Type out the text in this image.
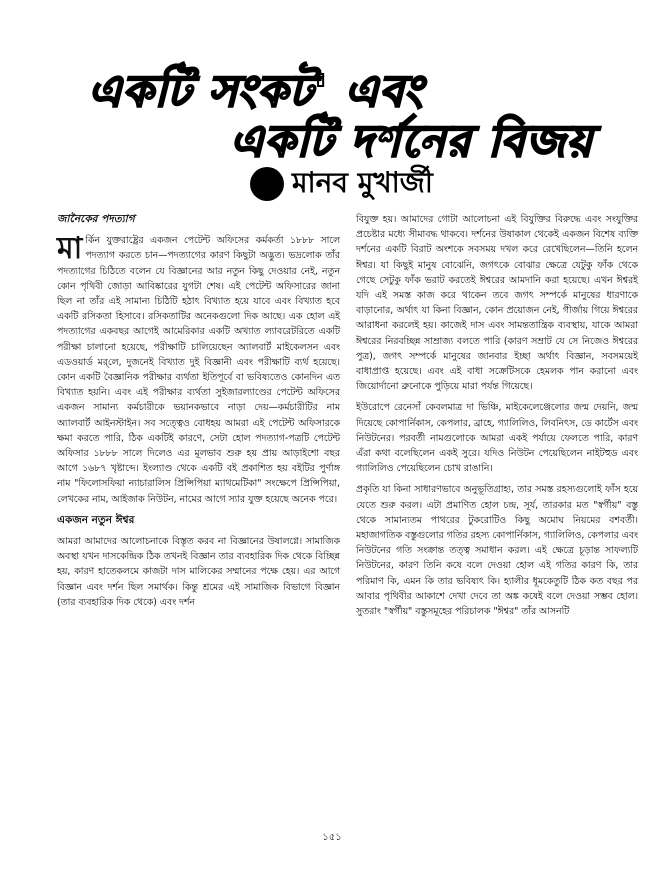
একটি সংকট' এবং
একটি দর্শনের বিজয়
মানব মুখার্জী
জানৈকের পদত্যাগ
মার্কিন যুক্তরাষ্ট্রের একজন পেটেন্ট অফিসের কর্মকর্তা ১৮৮৮ সালে পদত্যাগ করতে চান—পদত্যাগের কারণ কিছুটা অদ্ভুত। ভদ্রলোক তাঁর পদত্যাগের চিঠিতে বলেন যে বিজ্ঞানের আর নতুন কিছু দেওয়ার নেই, নতুন কোন পৃথিবী জোড়া আবিষ্কারের যুগটা শেষ। এই পেটেন্ট অফিসারের জানা ছিল না তাঁর এই সামান্য চিঠিটি হঠাৎ বিখ্যাত হয়ে যাবে এবং বিখ্যাত হবে একটি রসিকতা হিসাবে। রসিকতাটির অনেকগুলো দিক আছে। এক হোল এই পদত্যাগের একবছর আগেই আমেরিকার একটি অখ্যাত ল্যাবরেটরিতে একটি পরীক্ষা চালানো হয়েছে, পরীক্ষাটি চালিয়েছেন অ্যালবার্ট মাইকেলসন এবং এডওয়ার্ড মর্‌লে, দুজনেই বিখ্যাত দুই বিজ্ঞানী এবং পরীক্ষাটি ব্যর্থ হয়েছে। কোন একটি বৈজ্ঞানিক পরীক্ষার ব্যর্থতা ইতিপূর্বে বা ভবিষ্যতেও কোনদিন এত বিখ্যাত হয়নি। এবং এই পরীক্ষার ব্যর্থতা সুইজারল্যাণ্ডের পেটেন্ট অফিসের একজন সামান্য কর্মচারীকে ভয়ানকভাবে নাড়া দেয়—কর্মচারীটির নাম অ্যালবার্ট আইনস্টাইন। সব সত্ত্বেও বোধহয় আমরা এই পেটেন্ট অফিসারকে ক্ষমা করতে পারি, ঠিক একটিই কারণে, সেটা হোল পদত্যাগ-পত্রটি পেটেন্ট অফিসার ১৮৮৮ সালে দিলেও এর মূলভাব শুরু হয় প্রায় আড়াইশো বছর আগে ১৬৮৭ খৃষ্টাব্দে। ইংল্যাণ্ড থেকে একটি বই প্রকাশিত হয় বইটির পুর্ণাঙ্গ নাম "ফিলোসফিয়া ন্যাচারালিস প্রিন্সিপিয়া ম্যাথমেটিকা" সংক্ষেপে প্রিন্সিপিয়া, লেখকের নাম, আইজাক নিউটন, নামের আগে স্যার যুক্ত হয়েছে অনেক পরে।
একজন নতুন ঈশ্বর
আমরা আমাদের আলোচনাকে বিস্তৃত করব না বিজ্ঞানের উষালগ্নে। সামাজিক অবস্থা যখন দাসকেন্দ্রিক ঠিক তখনই বিজ্ঞান তার ব্যবহারিক দিক থেকে বিচ্ছিন্ন হয়, কারণ হাতেকলমে কাজটা দাস মালিকের সম্মানের পক্ষে হেয়। এর আগে বিজ্ঞান এবং দর্শন ছিল সমার্থক। কিন্তু শ্রমের এই সামাজিক বিভাগে বিজ্ঞান (তার ব্যবহারিক দিক থেকে) এবং দর্শন
বিযুক্ত হয়। আমাদের গোটা আলোচনা এই বিযুক্তির বিরুদ্ধে এবং সংযুক্তির প্রচেষ্টার মধ্যে সীমাবদ্ধ থাকবে। দর্শনের উষাকাল থেকেই একজন বিশেষ ব্যক্তি দর্শনের একটি বিরাট অংশকে সবসময় দখল করে রেখেছিলেন—তিনি হলেন ঈশ্বর। যা কিছুই মানুষ বোঝেনি, জগৎকে বোঝার ক্ষেত্রে যেটুকু ফাঁক থেকে গেছে সেটুকু ফাঁক ভরাট করতেই ঈশ্বরের আমদানি করা হয়েছে। এখন ঈশ্বরই যদি এই সমস্ত কাজ করে থাকেন তবে জগৎ সম্পর্কে মানুষের ধারণাকে বাড়ানোর, অর্থাৎ যা কিনা বিজ্ঞান, কোন প্রয়োজন নেই, গীর্জায় গিয়ে ঈশ্বরের আরাধনা করলেই হয়। কাজেই দাস এবং সামন্ততান্ত্রিক ব্যবস্থায়, যাকে আমরা ঈশ্বরের নিরবচ্ছিন্ন সাম্রাজ্য বলতে পারি (কারণ সম্রাট যে সে নিজেও ঈশ্বরের পুত্র), জগৎ সম্পর্কে মানুষের জানবার ইচ্ছা অর্থাৎ বিজ্ঞান, সবসময়েই বাধাপ্রাপ্ত হয়েছে। এবং এই বাধা সক্রেটিসকে হেমলক পান করানো এবং জিয়োর্দানো ব্রুনোকে পুড়িয়ে মারা পর্যন্ত গিয়েছে।
ইউরোপে রেনেসাঁ কেবলমাত্র দা ভিঞ্চি, মাইকেলেঞ্জেলোর জন্ম দেয়নি, জন্ম দিয়েছে কোপার্নিকাস, কেপলার, ব্রাহে, গ্যালিলিও, লিবনিৎস, ডে কার্টেস এবং নিউটনের। পরবর্তী নামগুলোকে আমরা একই পর্যায়ে ফেলতে পারি, কারণ এঁরা কথা বলেছিলেন একই সুরে। যদিও নিউটন পেয়েছিলেন নাইটহুড এবং গ্যালিলিও পেয়েছিলেন চোখ রাঙানি।
প্রকৃতি যা কিনা সাধারণভাবে অনুভূতিগ্রাহ্য, তার সমস্ত রহস্যগুলোই ফাঁস হয়ে যেতে শুরু করল। এটা প্রমাণিত হোল চন্দ্র, সূর্য, তারকার মত "স্বর্গীয়" বস্তু থেকে সামান্যতম পাথরের টুকরোটিও কিছু অমোঘ নিয়মের বশবর্তী। মহাজাগতিক বস্তুগুলোর গতির রহস্য কোপার্নিকাস, গ্যালিলিও, কেপলার এবং নিউটনের গতি সংক্রান্ত তত্ত্ব সমাধান করল। এই ক্ষেত্রে চূড়ান্ত সাফল্যটি নিউটনের, কারণ তিনি কষে বলে দেওয়া হোল এই গতির কারণ কি, তার পরিমাণ কি, এমন কি তার ভবিষ্যৎ কি। হ্যালীর ধূমকেতুটি ঠিক কত বছর পর আবার পৃথিবীর আকাশে দেখা দেবে তা অঙ্ক কষেই বলে দেওয়া সম্ভব হোল। সুতরাং "স্বর্গীয়" বস্তুসমূহের পরিচালক "ঈশ্বর" তাঁর আসনটি
১৫১
